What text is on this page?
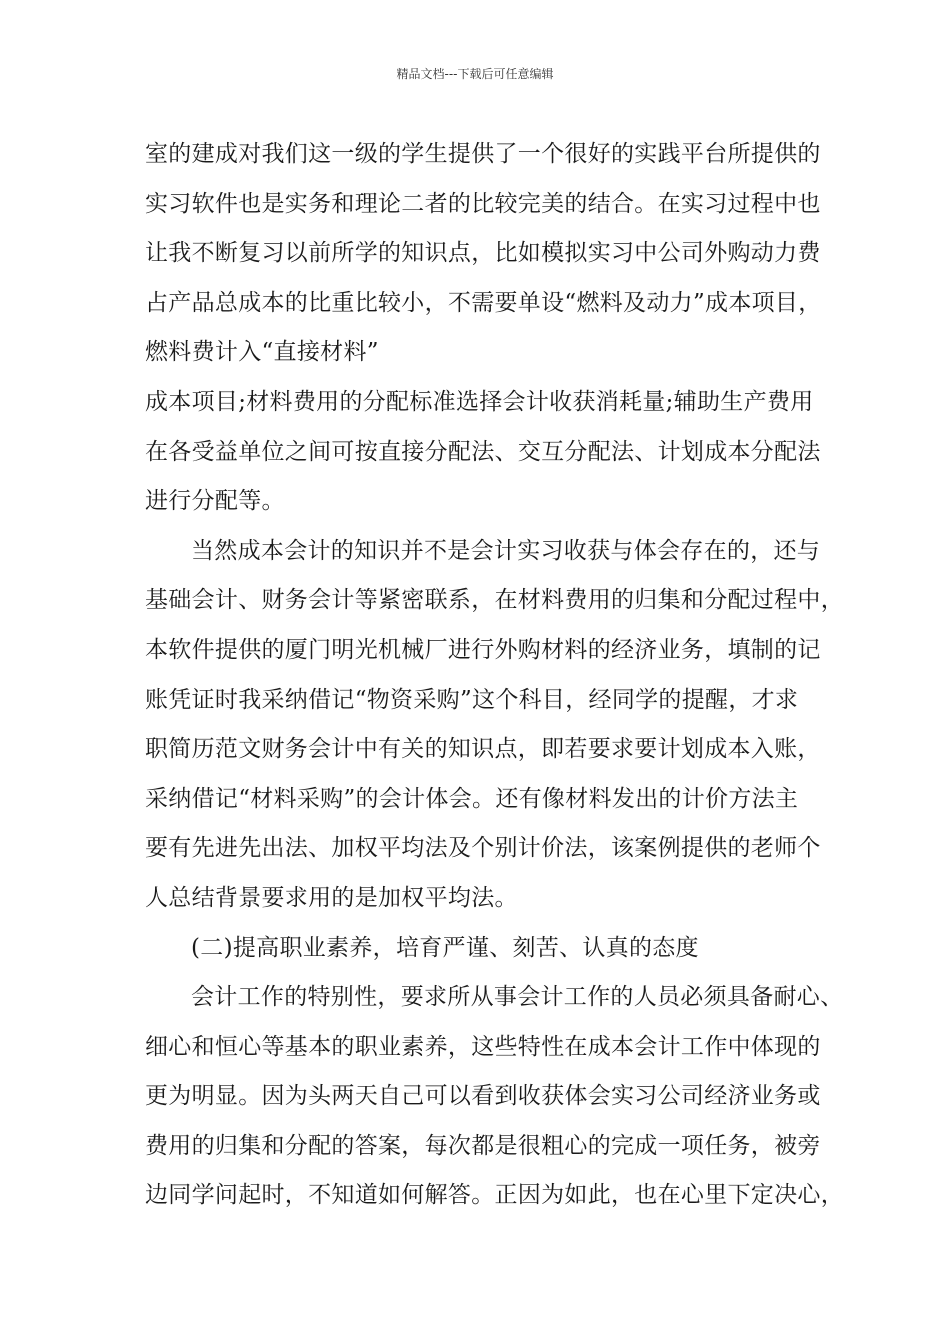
精品文档---下载后可任意编辑
室的建成对我们这一级的学生提供了一个很好的实践平台所提供的
实习软件也是实务和理论二者的比较完美的结合。在实习过程中也
让我不断复习以前所学的知识点，比如模拟实习中公司外购动力费
占产品总成本的比重比较小，不需要单设“燃料及动力”成本项目，
燃料费计入“直接材料”
成本项目;材料费用的分配标准选择会计收获消耗量;辅助生产费用
在各受益单位之间可按直接分配法、交互分配法、计划成本分配法
进行分配等。
当然成本会计的知识并不是会计实习收获与体会存在的，还与
基础会计、财务会计等紧密联系，在材料费用的归集和分配过程中，
本软件提供的厦门明光机械厂进行外购材料的经济业务，填制的记
账凭证时我采纳借记“物资采购”这个科目，经同学的提醒，才求
职简历范文财务会计中有关的知识点，即若要求要计划成本入账，
采纳借记“材料采购”的会计体会。还有像材料发出的计价方法主
要有先进先出法、加权平均法及个别计价法，该案例提供的老师个
人总结背景要求用的是加权平均法。
(二)提高职业素养，培育严谨、刻苦、认真的态度
会计工作的特别性，要求所从事会计工作的人员必须具备耐心、
细心和恒心等基本的职业素养，这些特性在成本会计工作中体现的
更为明显。因为头两天自己可以看到收获体会实习公司经济业务或
费用的归集和分配的答案，每次都是很粗心的完成一项任务，被旁
边同学问起时，不知道如何解答。正因为如此，也在心里下定决心，
